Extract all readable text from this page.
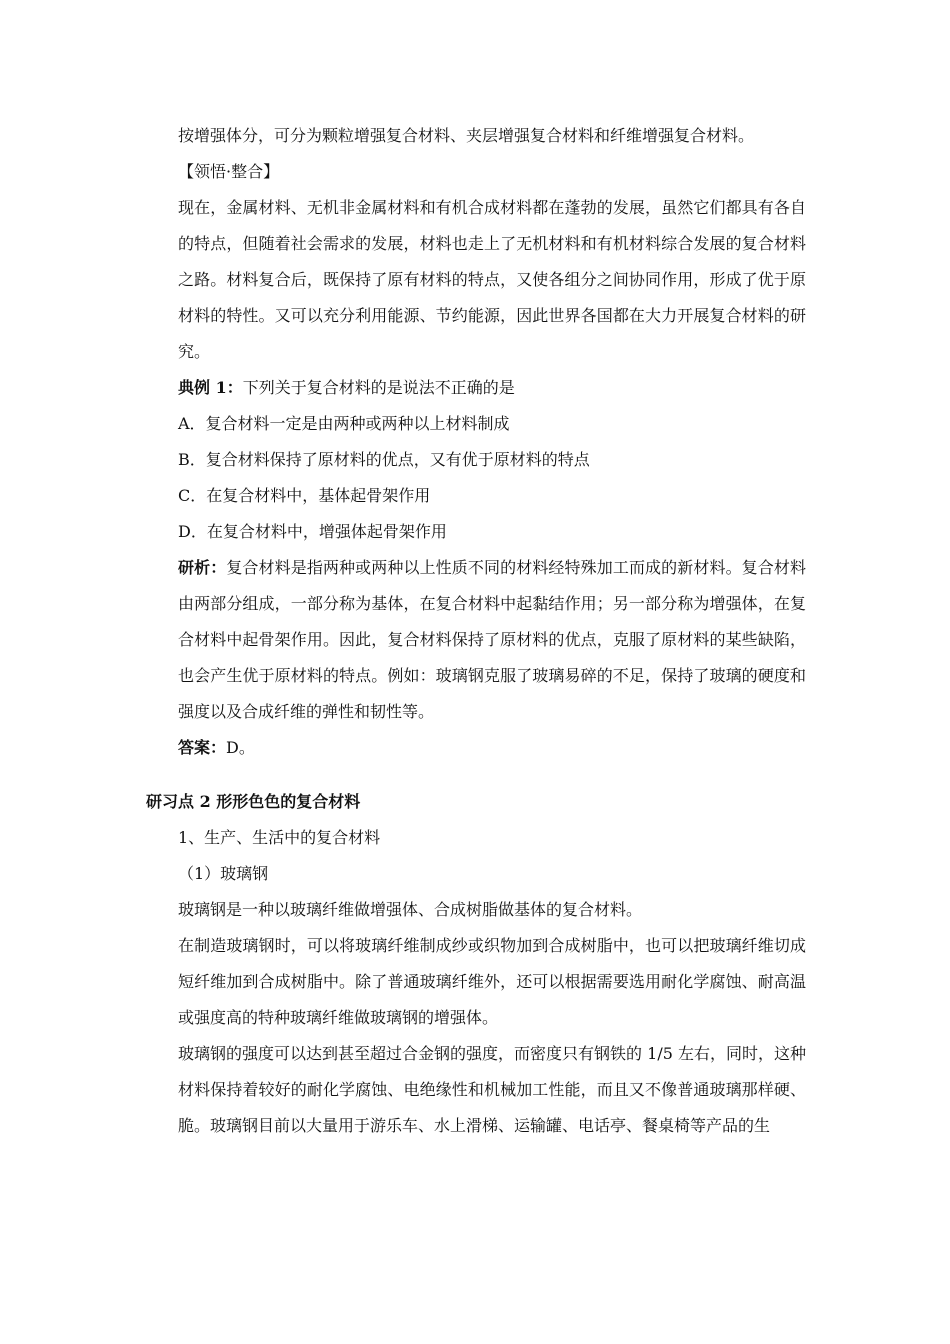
按增强体分，可分为颗粒增强复合材料、夹层增强复合材料和纤维增强复合材料。

【领悟·整合】

现在，金属材料、无机非金属材料和有机合成材料都在蓬勃的发展，虽然它们都具有各自的特点，但随着社会需求的发展，材料也走上了无机材料和有机材料综合发展的复合材料之路。材料复合后，既保持了原有材料的特点，又使各组分之间协同作用，形成了优于原材料的特性。又可以充分利用能源、节约能源，因此世界各国都在大力开展复合材料的研究。

典例 1：下列关于复合材料的是说法不正确的是

A．复合材料一定是由两种或两种以上材料制成

B．复合材料保持了原材料的优点，又有优于原材料的特点

C．在复合材料中，基体起骨架作用

D．在复合材料中，增强体起骨架作用

研析：复合材料是指两种或两种以上性质不同的材料经特殊加工而成的新材料。复合材料由两部分组成，一部分称为基体，在复合材料中起黏结作用；另一部分称为增强体，在复合材料中起骨架作用。因此，复合材料保持了原材料的优点，克服了原材料的某些缺陷，也会产生优于原材料的特点。例如：玻璃钢克服了玻璃易碎的不足，保持了玻璃的硬度和强度以及合成纤维的弹性和韧性等。

答案：D。

研习点 2 形形色色的复合材料

1、生产、生活中的复合材料

（1）玻璃钢

玻璃钢是一种以玻璃纤维做增强体、合成树脂做基体的复合材料。

在制造玻璃钢时，可以将玻璃纤维制成纱或织物加到合成树脂中，也可以把玻璃纤维切成短纤维加到合成树脂中。除了普通玻璃纤维外，还可以根据需要选用耐化学腐蚀、耐高温或强度高的特种玻璃纤维做玻璃钢的增强体。

玻璃钢的强度可以达到甚至超过合金钢的强度，而密度只有钢铁的 1/5 左右，同时，这种材料保持着较好的耐化学腐蚀、电绝缘性和机械加工性能，而且又不像普通玻璃那样硬、脆。玻璃钢目前以大量用于游乐车、水上滑梯、运输罐、电话亭、餐桌椅等产品的生
